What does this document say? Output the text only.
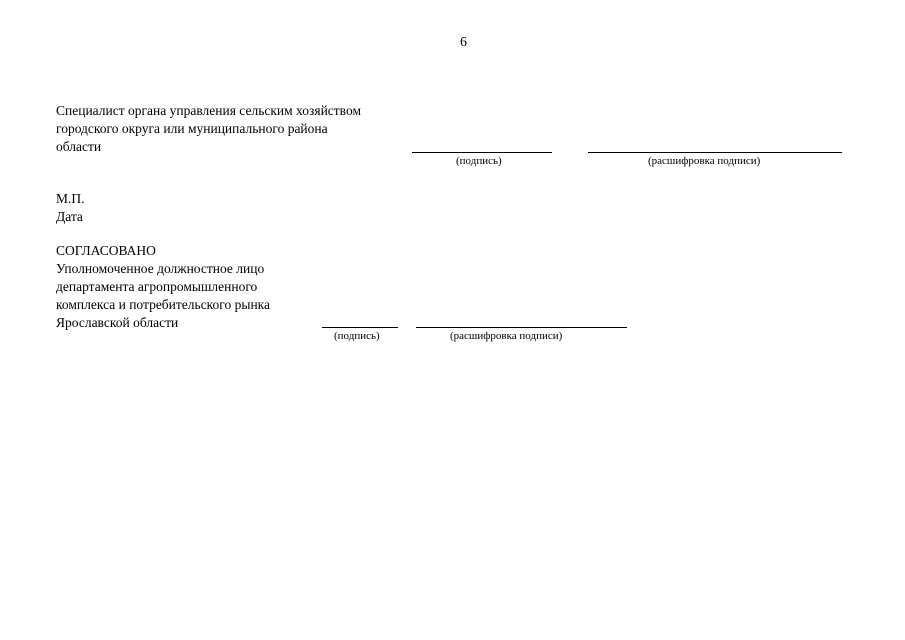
6
Специалист органа управления сельским хозяйством
городского округа или муниципального района
области
(подпись)	(расшифровка подписи)
М.П.
Дата
СОГЛАСОВАНО
Уполномоченное должностное лицо
департамента агропромышленного
комплекса и потребительского рынка
Ярославской области
(подпись)	(расшифровка подписи)
